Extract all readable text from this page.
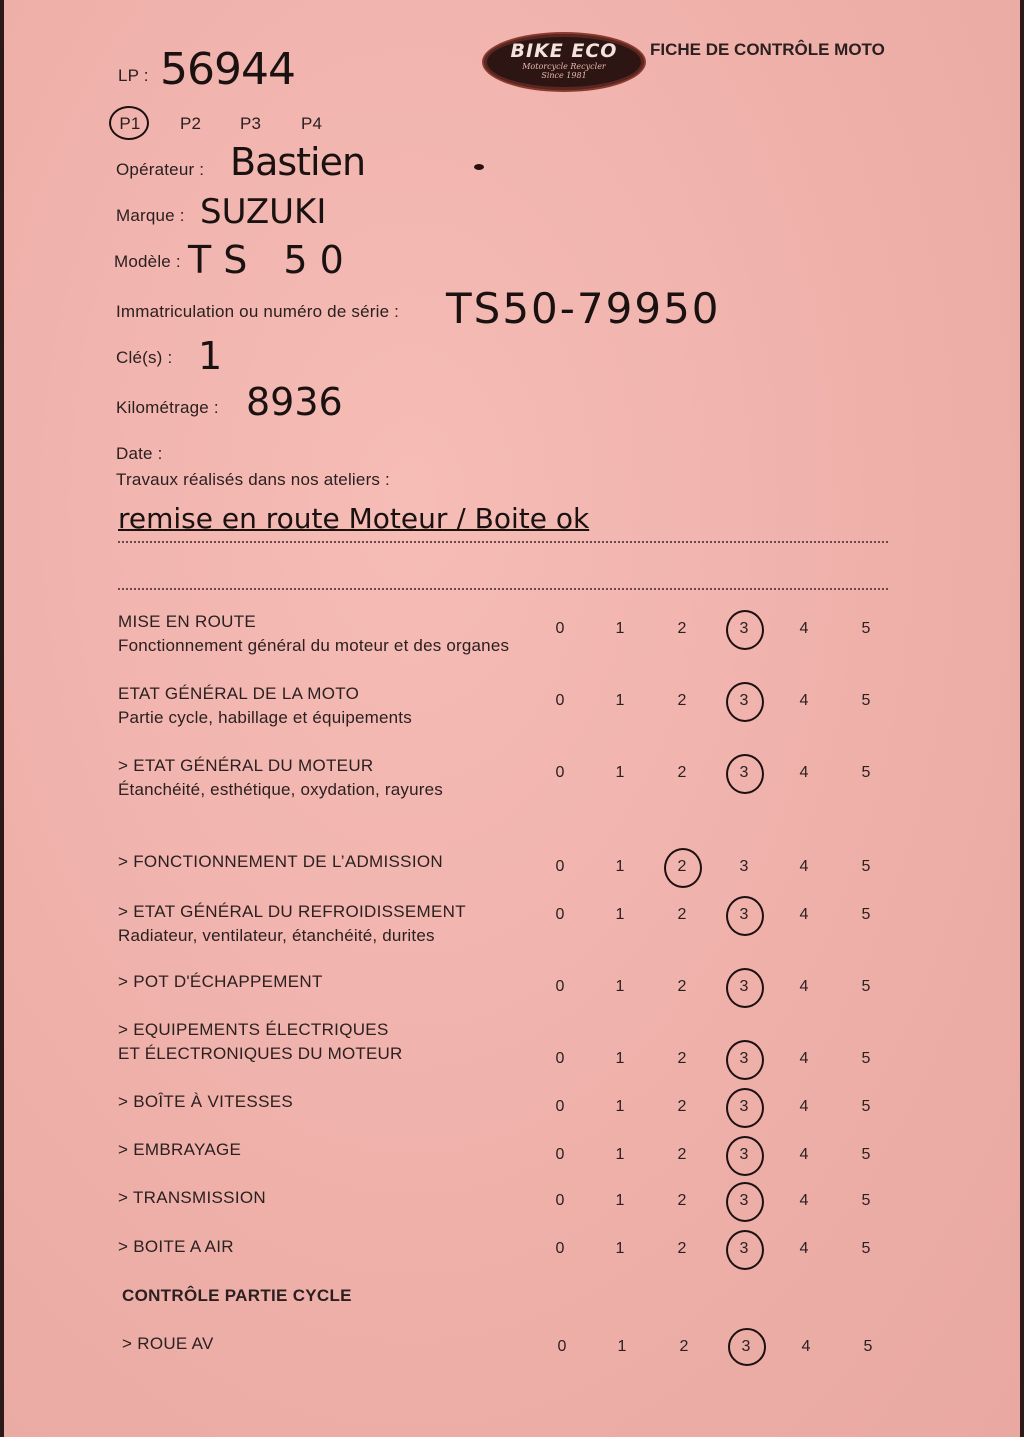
BIKE ECO
Motorcycle Recycler
Since 1981
FICHE DE CONTRÔLE MOTO
LP : 56944
P1 P2 P3 P4
Opérateur : Bastien
Marque : SUZUKI
Modèle : TS 50
Immatriculation ou numéro de série : TS50-79950
Clé(s) : 1
Kilométrage : 8936
Date :
Travaux réalisés dans nos ateliers :
remise en route Moteur / Boite ok
MISE EN ROUTE
Fonctionnement général du moteur et des organes
0	1	2	3	4	5
ETAT GÉNÉRAL DE LA MOTO
Partie cycle, habillage et équipements
0	1	2	3	4	5
> ETAT GÉNÉRAL DU MOTEUR
Étanchéité, esthétique, oxydation, rayures
0	1	2	3	4	5
> FONCTIONNEMENT DE L’ADMISSION	0	1	2	3	4	5
> ETAT GÉNÉRAL DU REFROIDISSEMENT
Radiateur, ventilateur, étanchéité, durites
0	1	2	3	4	5
> POT D'ÉCHAPPEMENT	0	1	2	3	4	5
> EQUIPEMENTS ÉLECTRIQUES
ET ÉLECTRONIQUES DU MOTEUR	0	1	2	3	4	5
> BOÎTE À VITESSES	0	1	2	3	4	5
> EMBRAYAGE	0	1	2	3	4	5
> TRANSMISSION	0	1	2	3	4	5
> BOITE A AIR	0	1	2	3	4	5
CONTRÔLE PARTIE CYCLE
> ROUE AV	0	1	2	3	4	5
